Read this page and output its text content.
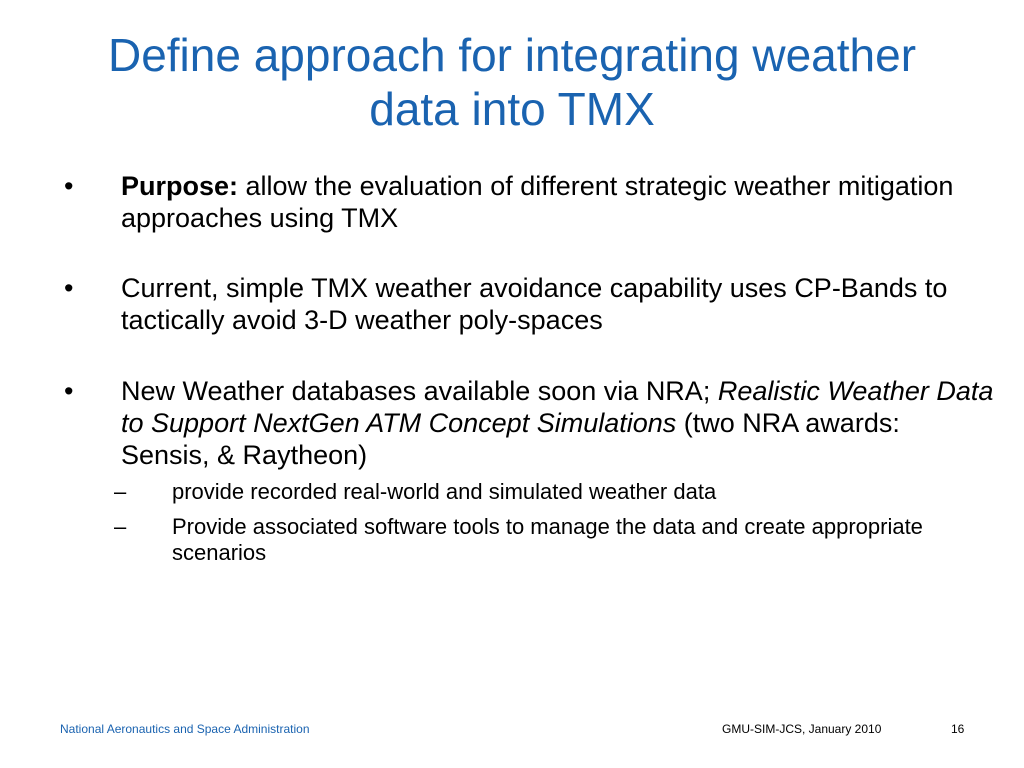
Define approach for integrating weather
data into TMX
•	Purpose: allow the evaluation of different strategic weather mitigation approaches using TMX
•	Current, simple TMX weather avoidance capability uses CP-Bands to tactically avoid 3-D weather poly-spaces
•	New Weather databases available soon via NRA; Realistic Weather Data to Support NextGen ATM Concept Simulations (two NRA awards: Sensis, & Raytheon)
– provide recorded real-world and simulated weather data
– Provide associated software tools to manage the data and create appropriate scenarios
National Aeronautics and Space Administration	GMU-SIM-JCS, January 2010	16
